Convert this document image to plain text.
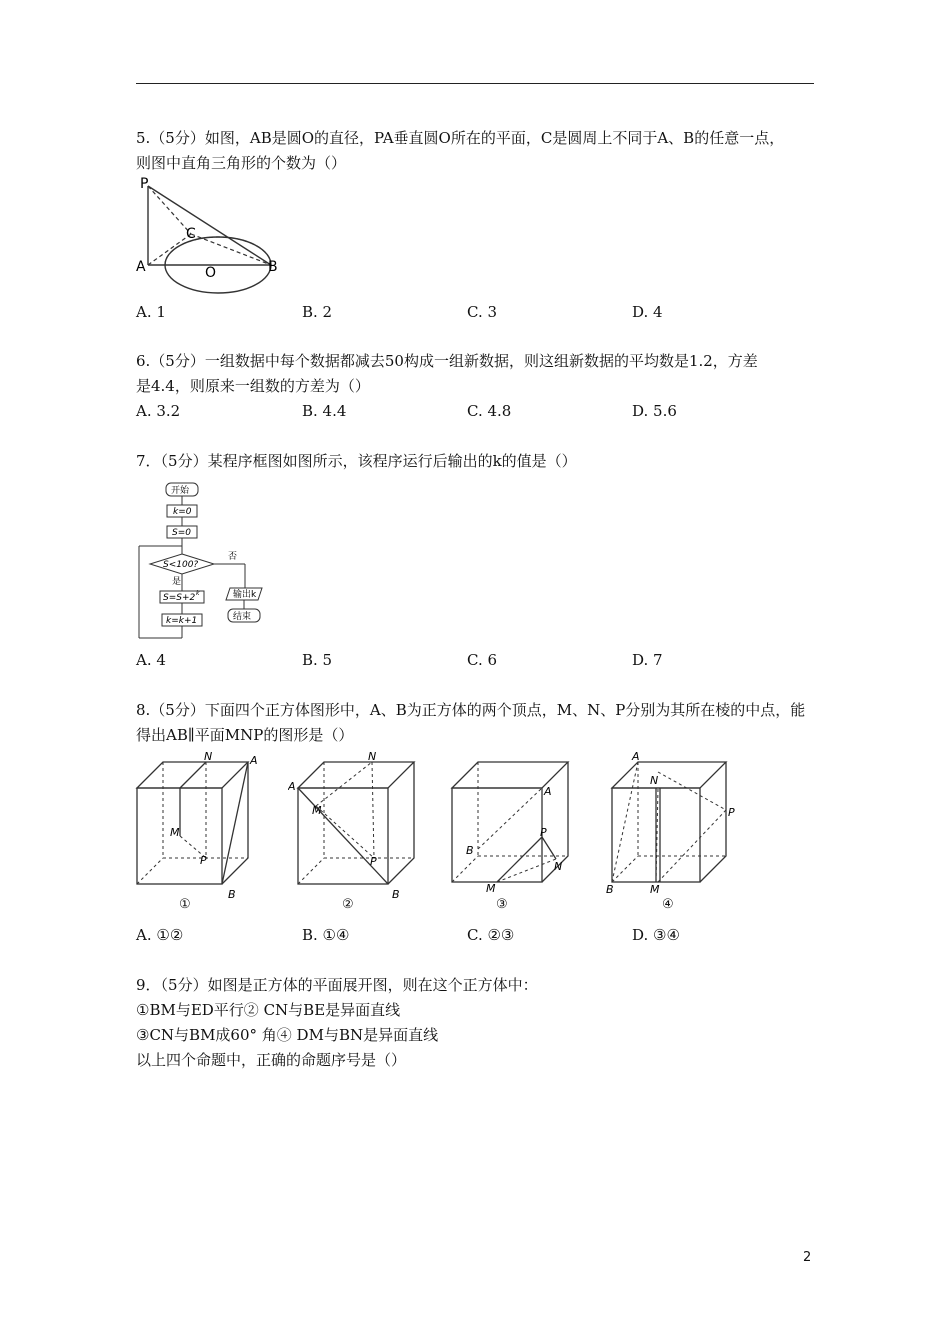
5.（5分）如图，AB是圆O的直径，PA垂直圆O所在的平面，C是圆周上不同于A、B的任意一点，
则图中直角三角形的个数为（）
P
C
A	O	B
A. 1	B. 2	C. 3	D. 4
6.（5分）一组数据中每个数据都减去50构成一组新数据，则这组新数据的平均数是1.2，方差
是4.4，则原来一组数的方差为（）
A. 3.2	B. 4.4	C. 4.8	D. 5.6
7．（5分）某程序框图如图所示，该程序运行后输出的k的值是（）
开始
k=0
S=0
S<100?
否
输出k
结束
是
S=S+2 k
k=k+1
A. 4	B. 5	C. 6	D. 7
8.（5分）下面四个正方体图形中，A、B为正方体的两个顶点，M、N、P分别为其所在棱的中点，能
得出AB∥平面MNP的图形是（）
A
N
M
P
B
①
A
N
M
P
B
②
A
B
P
N
M
③
A
N
P
B	M
④
A. ①②	B. ①④	C. ②③	D. ③④
9．（5分）如图是正方体的平面展开图，则在这个正方体中：
①BM与ED平行② CN与BE是异面直线
③CN与BM成60° 角④ DM与BN是异面直线
以上四个命题中，正确的命题序号是（）
2
